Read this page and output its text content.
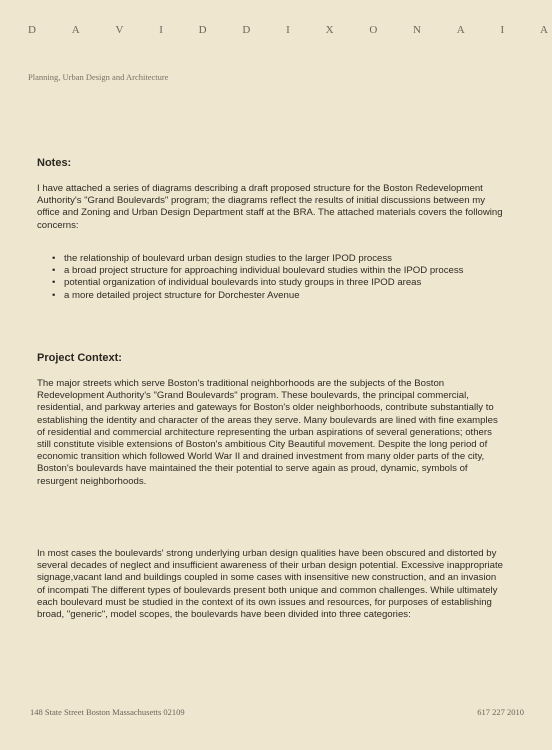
D	A	V	I	D	D	I	X	O	N	A	I	A
Planning, Urban Design and Architecture
Notes:
I have attached a series of diagrams describing a draft proposed structure for the Boston Redevelopment Authority's "Grand Boulevards" program; the diagrams reflect the results of initial discussions between my office and Zoning and Urban Design Department staff at the BRA. The attached materials covers the following concerns:
• the relationship of boulevard urban design studies to the larger IPOD process
• a broad project structure for approaching individual boulevard studies within the IPOD process
• potential organization of individual boulevards into study groups in three IPOD areas
• a more detailed project structure for Dorchester Avenue
Project Context:
The major streets which serve Boston's traditional neighborhoods are the subjects of the Boston Redevelopment Authority's "Grand Boulevards" program. These boulevards, the principal commercial, residential, and parkway arteries and gateways for Boston's older neighborhoods, contribute substantially to establishing the identity and character of the areas they serve. Many boulevards are lined with fine examples of residential and commercial architecture representing the urban aspirations of several generations; others still constitute visible extensions of Boston's ambitious City Beautiful movement. Despite the long period of economic transition which followed World War II and drained investment from many older parts of the city, Boston's boulevards have maintained the their potential to serve again as proud, dynamic, symbols of resurgent neighborhoods.
In most cases the boulevards' strong underlying urban design qualities have been obscured and distorted by several decades of neglect and insufficient awareness of their urban design potential. Excessive inappropriate signage,vacant land and buildings coupled in some cases with insensitive new construction, and an invasion of incompati The different types of boulevards present both unique and common challenges. While ultimately each boulevard must be studied in the context of its own issues and resources, for purposes of establishing broad, "generic", model scopes, the boulevards have been divided into three categories:
148 State Street Boston Massachusetts 02109	617 227 2010
